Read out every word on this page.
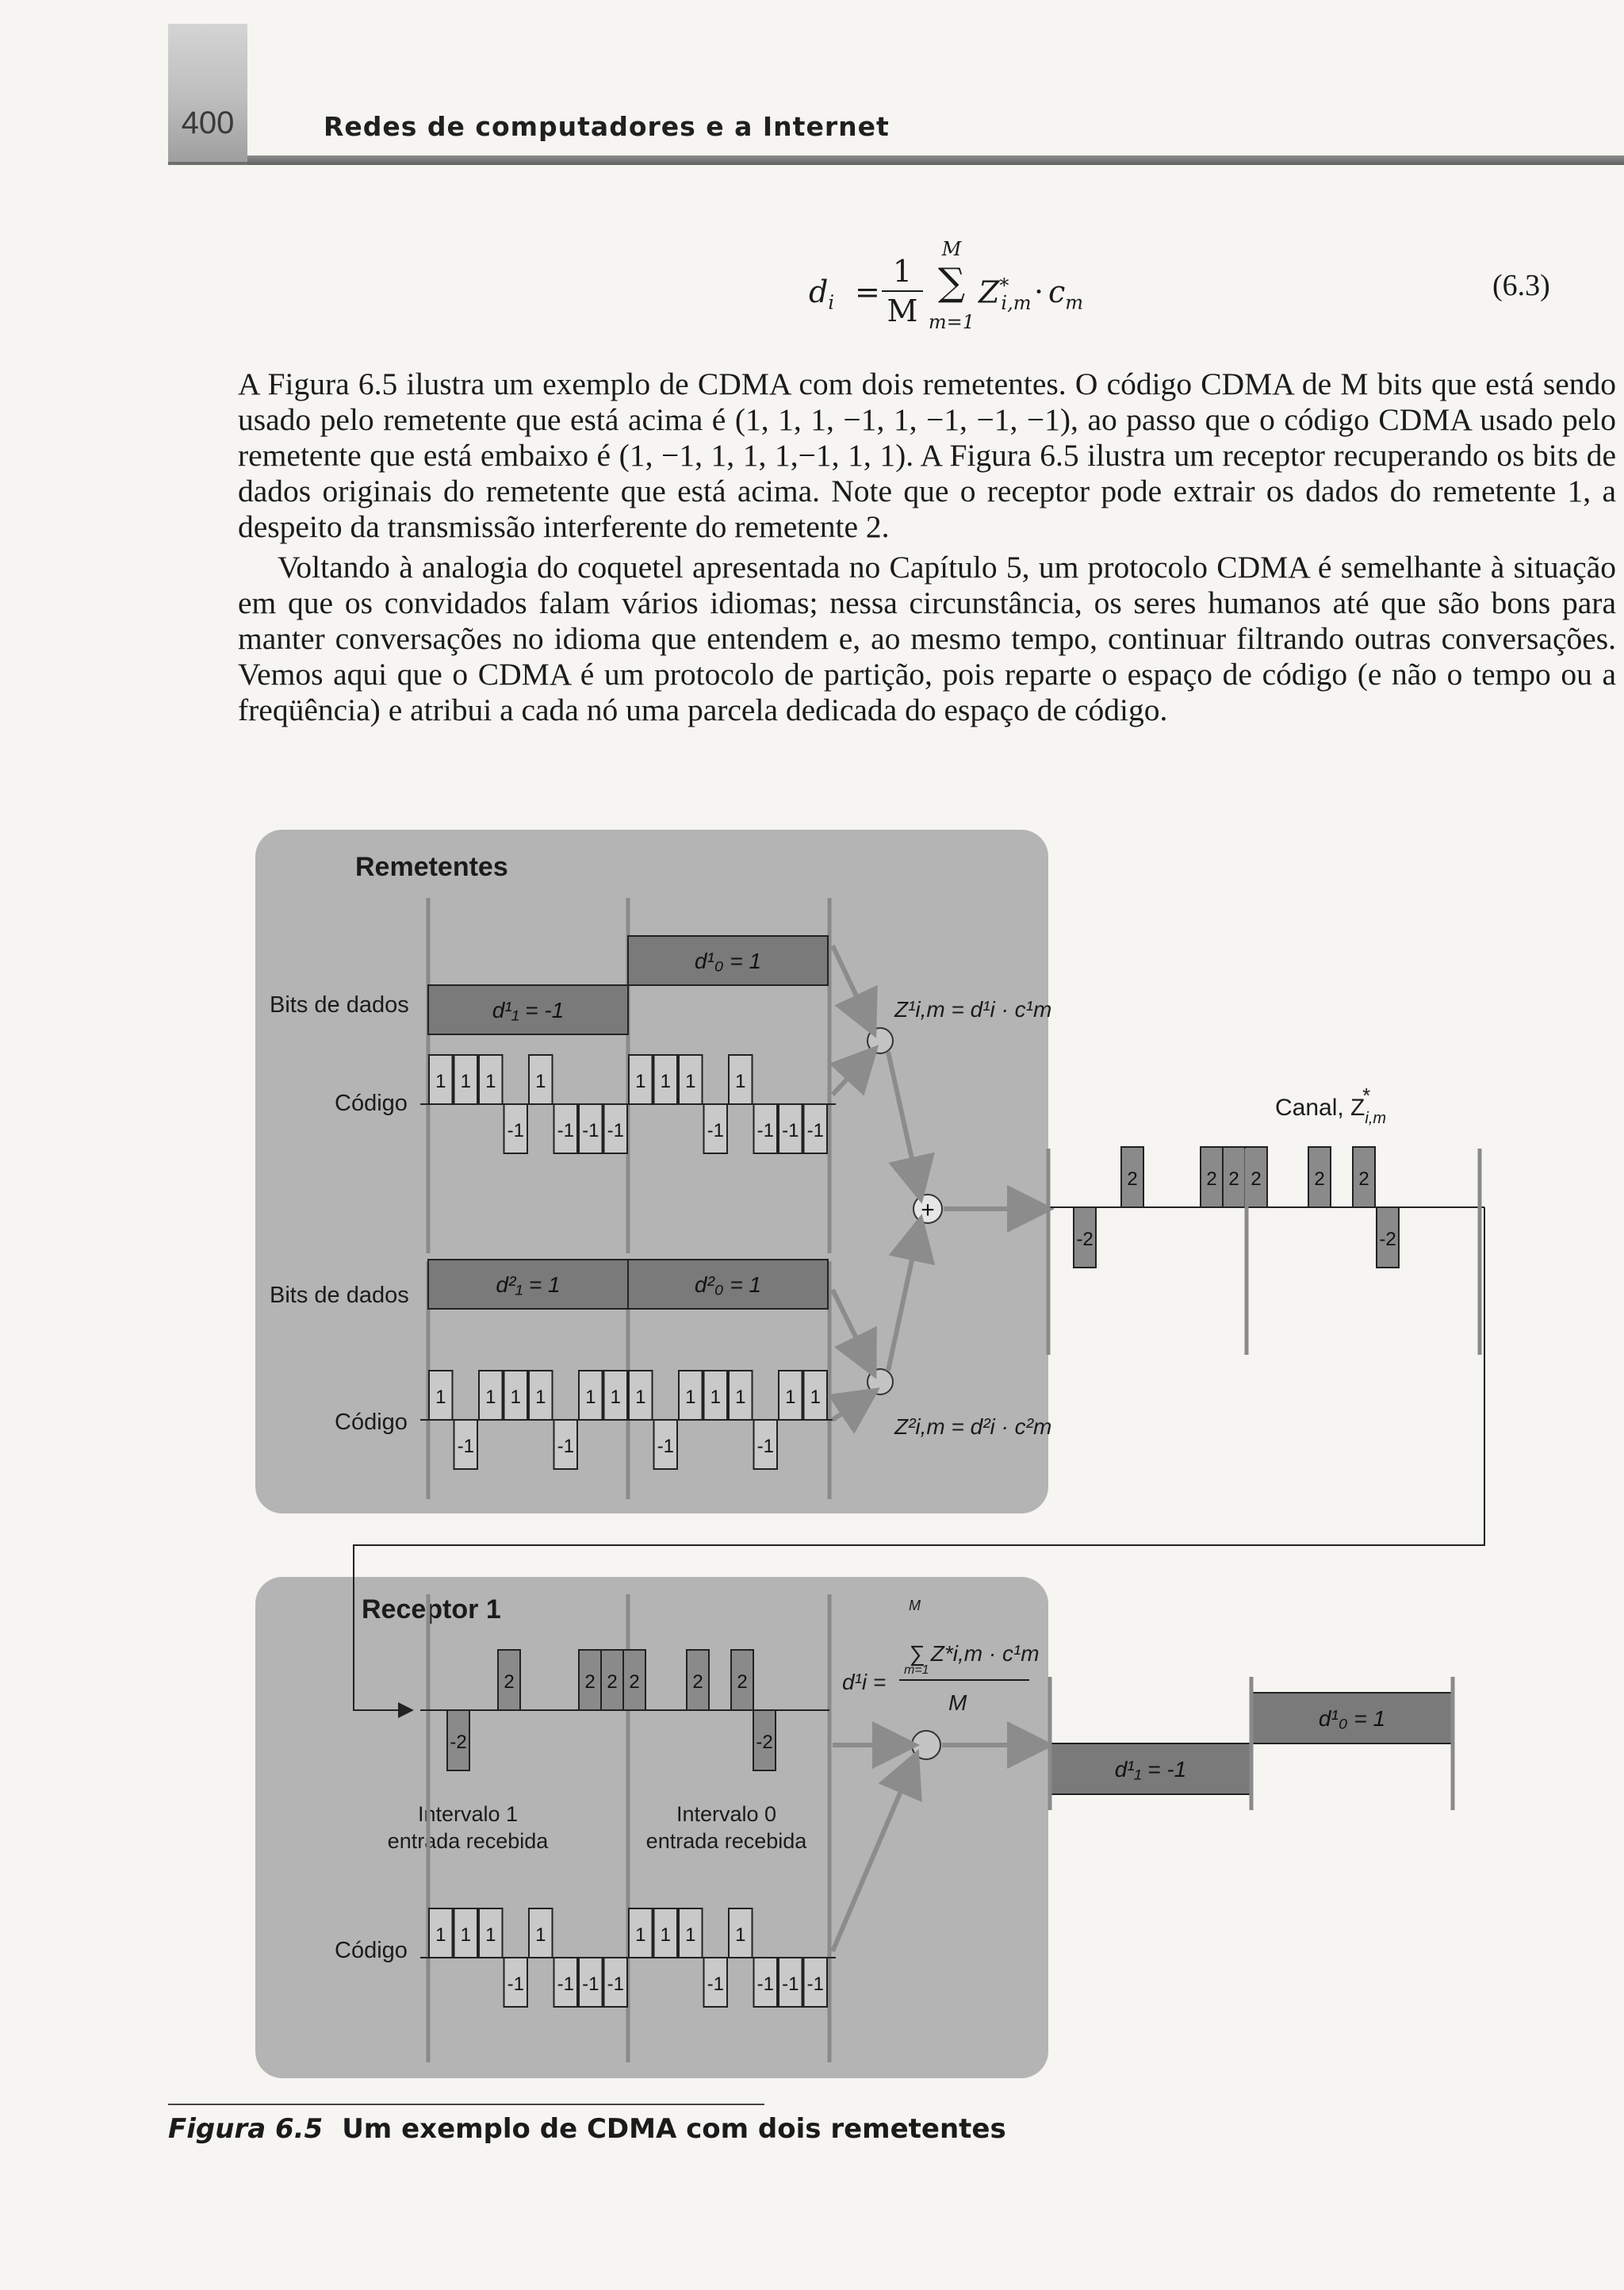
400	Redes de computadores e a Internet
$d_i$ =
1
M
M
∑
m=1
$Z^*_{i,m} \cdot c_m$
(6.3)

A Figura 6.5 ilustra um exemplo de CDMA com dois remetentes. O código CDMA de M bits que está sendo usado pelo remetente que está acima é (1, 1, 1, −1, 1, −1, −1, −1), ao passo que o código CDMA usado pelo remetente que está embaixo é (1, −1, 1, 1, 1,−1, 1, 1). A Figura 6.5 ilustra um receptor recuperando os bits de dados originais do remetente que está acima. Note que o receptor pode extrair os dados do remetente 1, a despeito da transmissão interferente do remetente 2.

Voltando à analogia do coquetel apresentada no Capítulo 5, um protocolo CDMA é semelhante à situação em que os convidados falam vários idiomas; nessa circunstância, os seres humanos até que são bons para manter conversações no idioma que entendem e, ao mesmo tempo, continuar filtrando outras conversações. Vemos aqui que o CDMA é um protocolo de partição, pois reparte o espaço de código (e não o tempo ou a freqüência) e atribui a cada nó uma parcela dedicada do espaço de código.

Remetentes
Receptor 1
Bits de dados
Código
Bits de dados
Código
Código
Canal, $Z_{i,m}*$
Z¹i,m = d¹i · c¹m
Z²i,m = d²i · c²m
d¹i =
M
∑ Z*i,m · c¹m
m=1
M
Intervalo 1
entrada recebida
Intervalo 0
entrada recebida
d¹₁ = -1
d¹₀ = 1
d²₁ = 1	d²₀ = 1
1 1 1
-1
1
-1 -1 -1
1 1 1
-1
1
-1 -1 -1
1
-1
1 1 1
-1
1 1 1
-1
1 1 1
-1
1 1
1 1 1
-1
1
-1 -1 -1
1 1 1
-1
1
-1 -1 -1
+
-2
2	2 2 2	2 2
-2
-2
2	2 2 2	2 2
-2
d¹₁ = -1
d¹₀ = 1
Figura 6.5 Um exemplo de CDMA com dois remetentes
